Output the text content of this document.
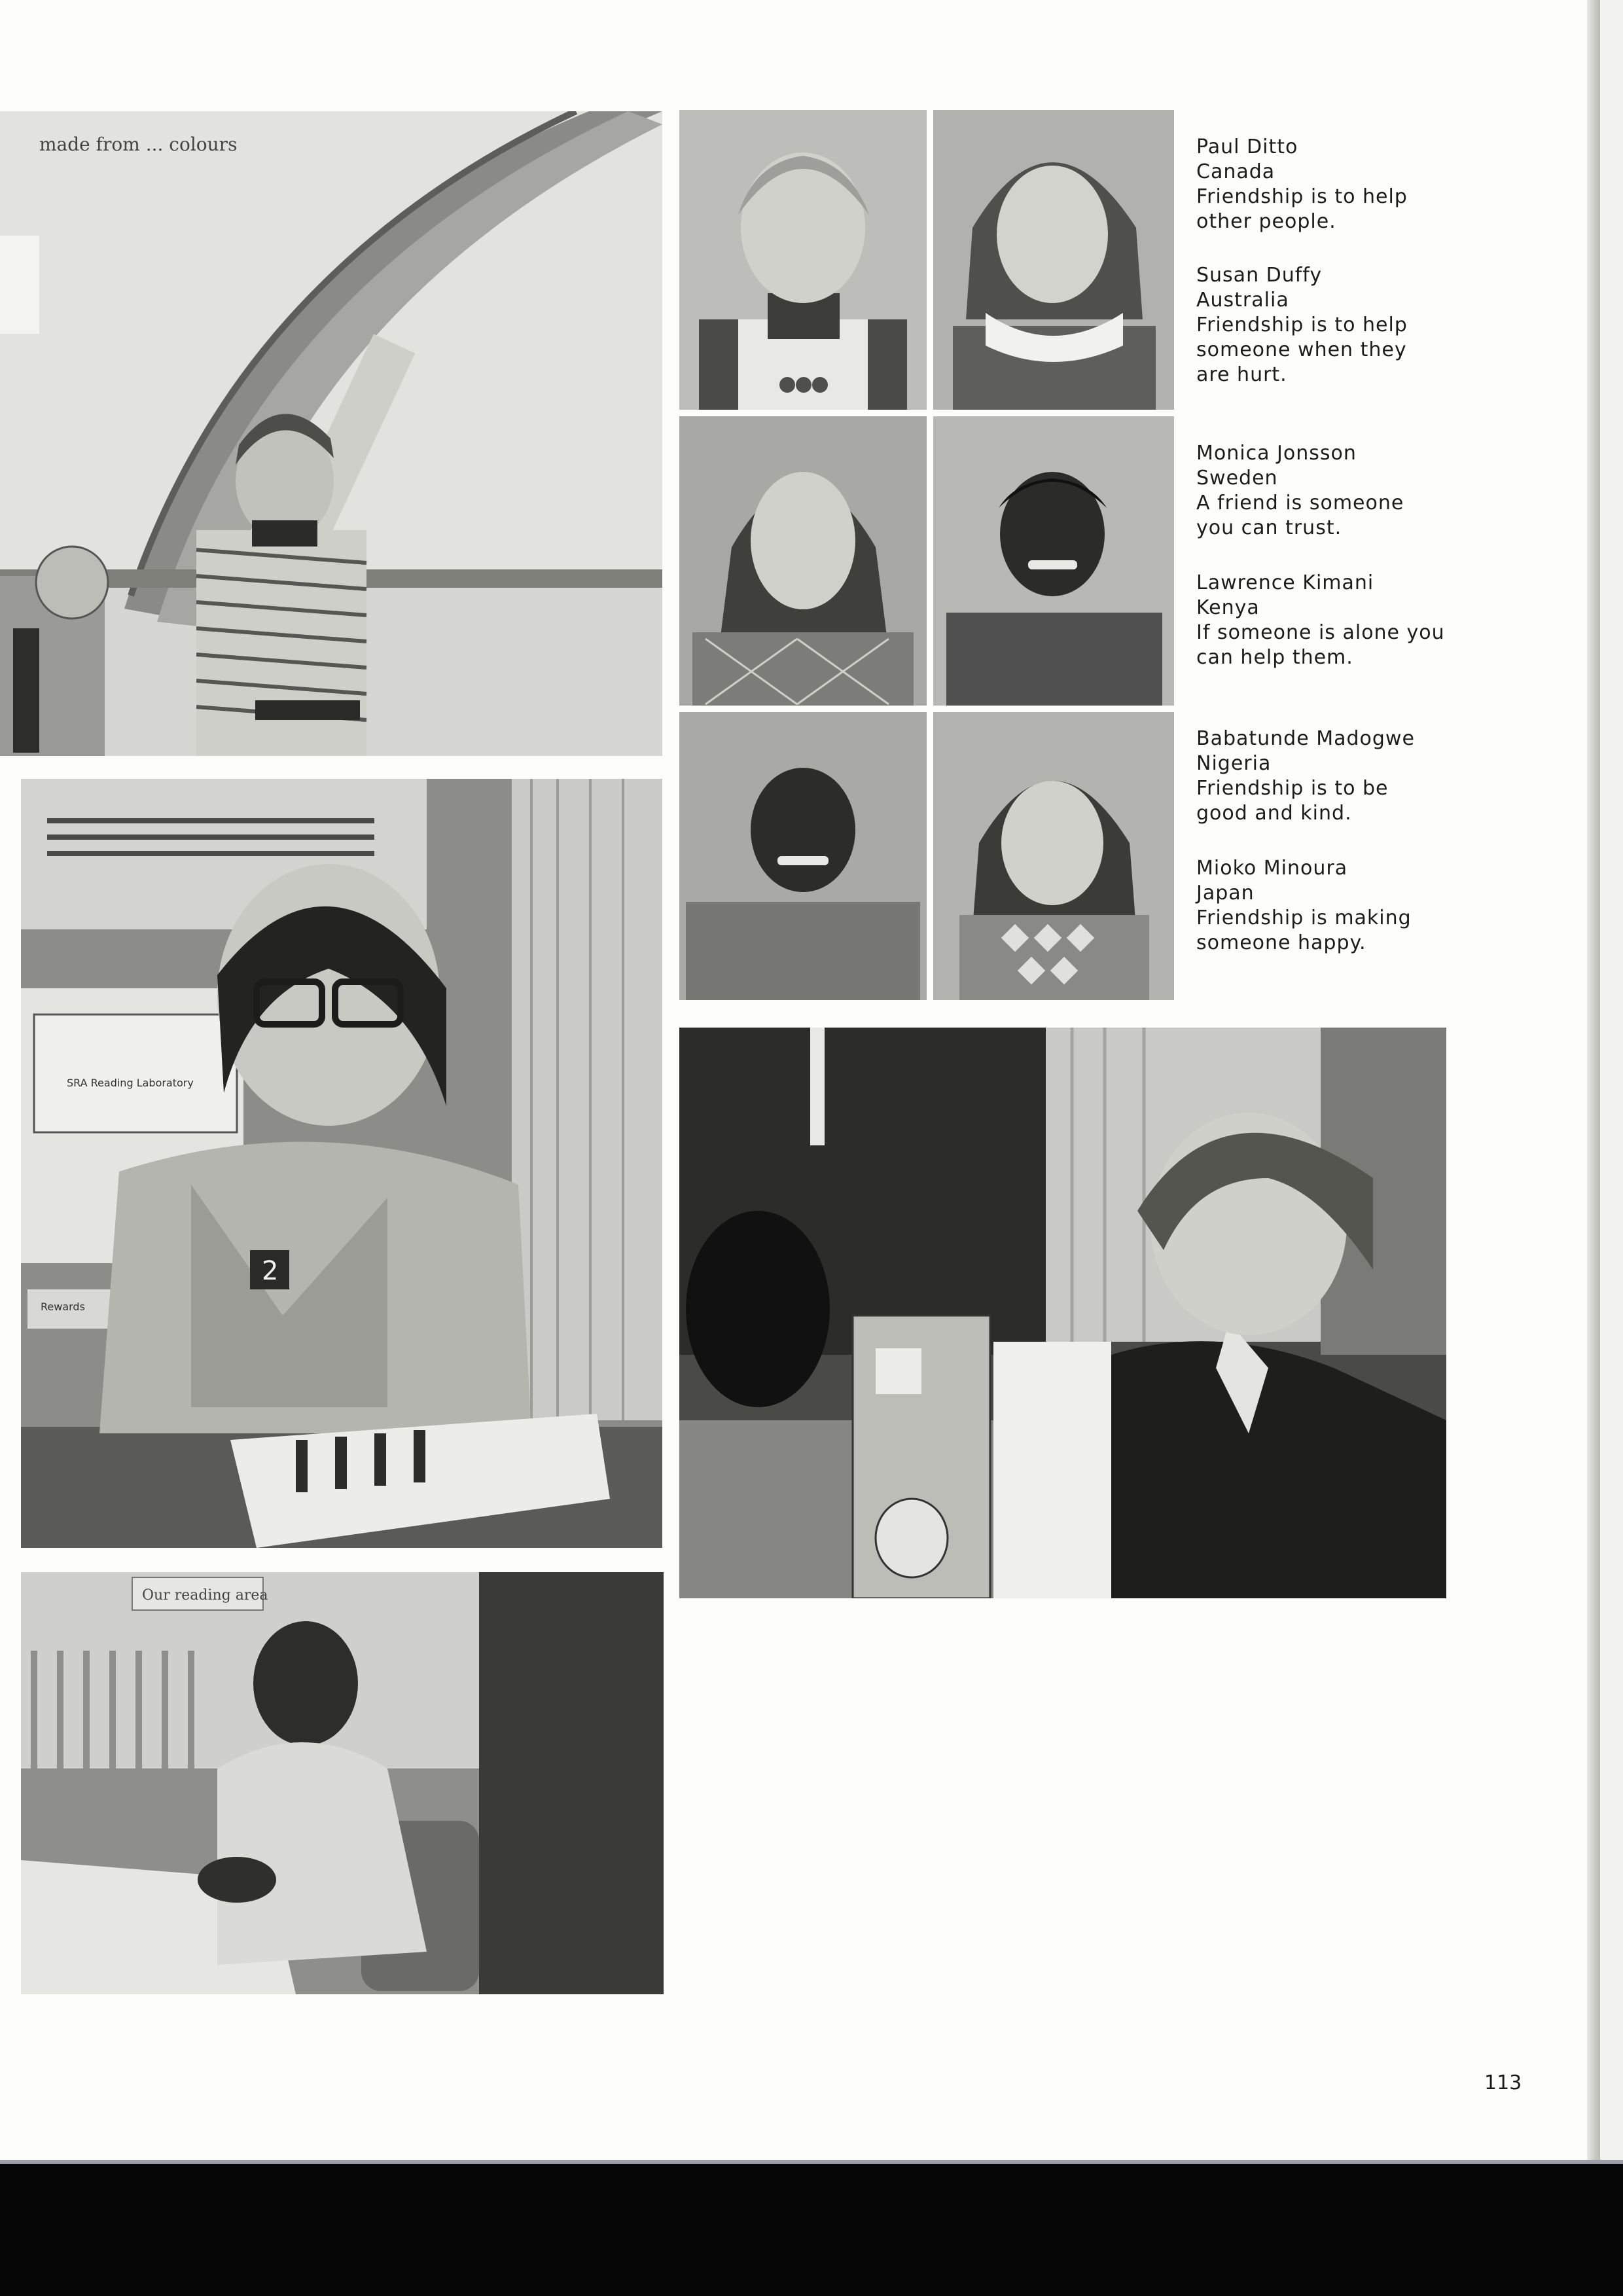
made from ... colours
SRA Reading Laboratory
Rewards
2
Our reading area
Paul Ditto
Canada
Friendship is to help other people.
Susan Duffy
Australia
Friendship is to help someone when they are hurt.
Monica Jonsson
Sweden
A friend is someone you can trust.
Lawrence Kimani
Kenya
If someone is alone you can help them.
Babatunde Madogwe
Nigeria
Friendship is to be good and kind.
Mioko Minoura
Japan
Friendship is making someone happy.
113
